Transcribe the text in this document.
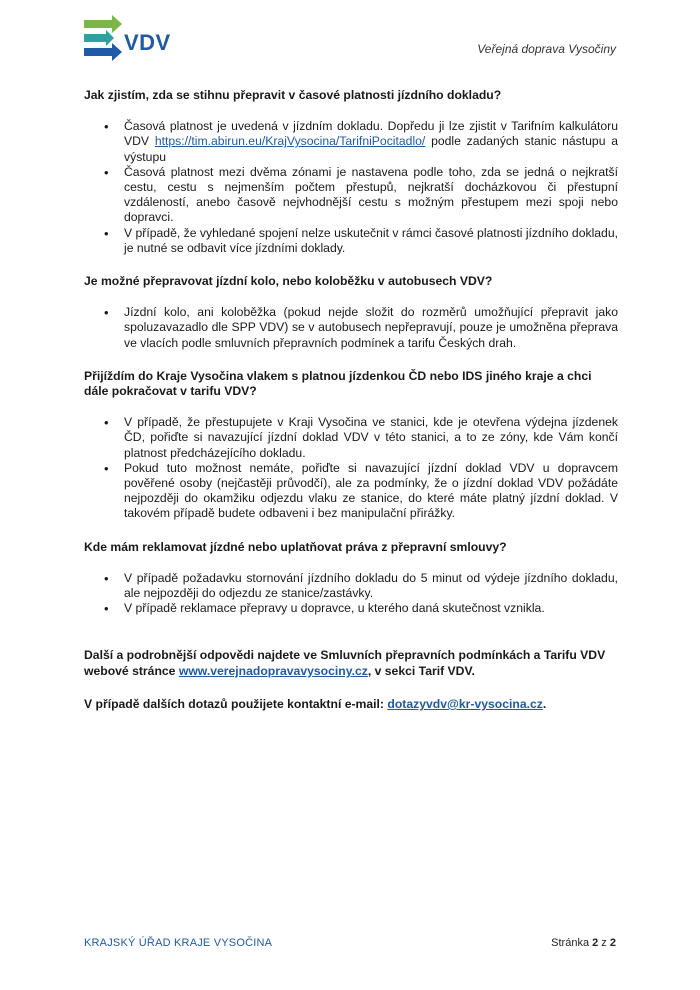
VDV	Veřejná doprava Vysočiny
Jak zjistím, zda se stihnu přepravit v časové platnosti jízdního dokladu?
• Časová platnost je uvedená v jízdním dokladu. Dopředu ji lze zjistit v Tarifním kalkulátoru VDV https://tim.abirun.eu/KrajVysocina/TarifniPocitadlo/ podle zadaných stanic nástupu a výstupu
• Časová platnost mezi dvěma zónami je nastavena podle toho, zda se jedná o nejkratší cestu, cestu s nejmenším počtem přestupů, nejkratší docházkovou či přestupní vzdáleností, anebo časově nejvhodnější cestu s možným přestupem mezi spoji nebo dopravci.
• V případě, že vyhledané spojení nelze uskutečnit v rámci časové platnosti jízdního dokladu, je nutné se odbavit více jízdními doklady.
Je možné přepravovat jízdní kolo, nebo koloběžku v autobusech VDV?
• Jízdní kolo, ani koloběžka (pokud nejde složit do rozměrů umožňující přepravit jako spoluzavazadlo dle SPP VDV) se v autobusech nepřepravují, pouze je umožněna přeprava ve vlacích podle smluvních přepravních podmínek a tarifu Českých drah.
Přijíždím do Kraje Vysočina vlakem s platnou jízdenkou ČD nebo IDS jiného kraje a chci dále pokračovat v tarifu VDV?
• V případě, že přestupujete v Kraji Vysočina ve stanici, kde je otevřena výdejna jízdenek ČD, pořiďte si navazující jízdní doklad VDV v této stanici, a to ze zóny, kde Vám končí platnost předcházejícího dokladu.
• Pokud tuto možnost nemáte, pořiďte si navazující jízdní doklad VDV u dopravcem pověřené osoby (nejčastěji průvodčí), ale za podmínky, že o jízdní doklad VDV požádáte nejpozději do okamžiku odjezdu vlaku ze stanice, do které máte platný jízdní doklad. V takovém případě budete odbaveni i bez manipulační přirážky.
Kde mám reklamovat jízdné nebo uplatňovat práva z přepravní smlouvy?
• V případě požadavku stornování jízdního dokladu do 5 minut od výdeje jízdního dokladu, ale nejpozději do odjezdu ze stanice/zastávky.
• V případě reklamace přepravy u dopravce, u kterého daná skutečnost vznikla.
Další a podrobnější odpovědi najdete ve Smluvních přepravních podmínkách a Tarifu VDV webové stránce www.verejnadopravavysociny.cz, v sekci Tarif VDV.
V případě dalších dotazů použijete kontaktní e-mail: dotazyvdv@kr-vysocina.cz.
KRAJSKÝ ÚŘAD KRAJE VYSOČINA	Stránka 2 z 2
